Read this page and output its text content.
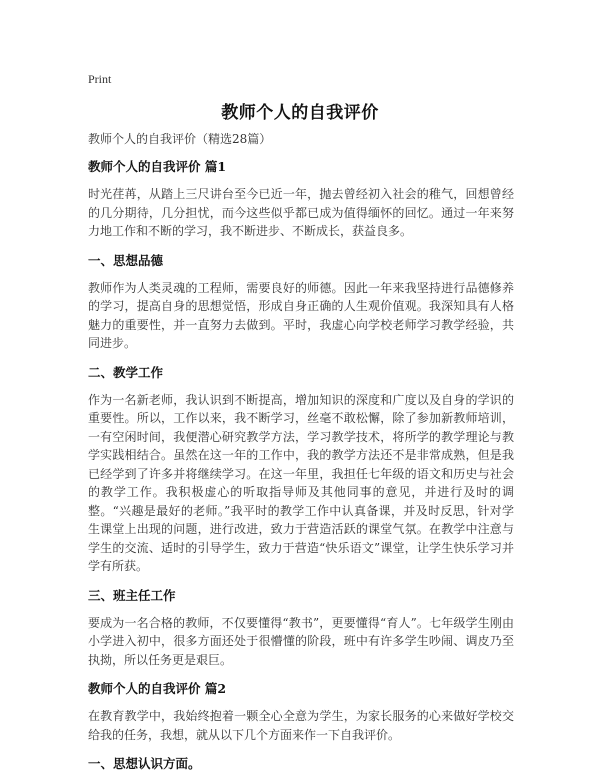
Print
教师个人的自我评价

教师个人的自我评价（精选28篇）

教师个人的自我评价 篇1

时光荏苒，从踏上三尺讲台至今已近一年，抛去曾经初入社会的稚气，回想曾经的几分期待，几分担忧，而今这些似乎都已成为值得缅怀的回忆。通过一年来努力地工作和不断的学习，我不断进步、不断成长，获益良多。

一、思想品德

教师作为人类灵魂的工程师，需要良好的师德。因此一年来我坚持进行品德修养的学习，提高自身的思想觉悟，形成自身正确的人生观价值观。我深知具有人格魅力的重要性，并一直努力去做到。平时，我虚心向学校老师学习教学经验，共同进步。

二、教学工作

作为一名新老师，我认识到不断提高，增加知识的深度和广度以及自身的学识的重要性。所以，工作以来，我不断学习，丝毫不敢松懈，除了参加新教师培训，一有空闲时间，我便潜心研究教学方法，学习教学技术，将所学的教学理论与教学实践相结合。虽然在这一年的工作中，我的教学方法还不是非常成熟，但是我已经学到了许多并将继续学习。在这一年里，我担任七年级的语文和历史与社会的教学工作。我积极虚心的听取指导师及其他同事的意见，并进行及时的调整。“兴趣是最好的老师。”我平时的教学工作中认真备课，并及时反思，针对学生课堂上出现的问题，进行改进，致力于营造活跃的课堂气氛。在教学中注意与学生的交流、适时的引导学生，致力于营造“快乐语文”课堂，让学生快乐学习并学有所获。

三、班主任工作

要成为一名合格的教师，不仅要懂得“教书”，更要懂得“育人”。七年级学生刚由小学进入初中，很多方面还处于很懵懂的阶段，班中有许多学生吵闹、调皮乃至执拗，所以任务更是艰巨。

教师个人的自我评价 篇2

在教育教学中，我始终抱着一颗全心全意为学生，为家长服务的心来做好学校交给我的任务，我想，就从以下几个方面来作一下自我评价。

一、思想认识方面。
